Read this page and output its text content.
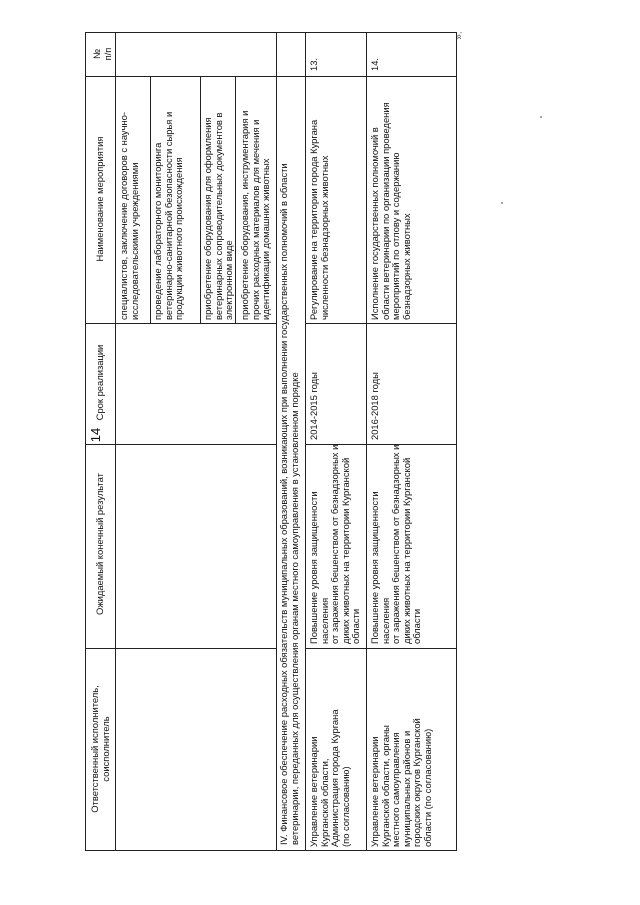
14
№
п/п
Наименование мероприятия
Срок реализации
Ожидаемый конечный результат
Ответственный исполнитель,
соисполнитель
специалистов, заключение договоров с научно-
исследовательскими учреждениями
проведение лабораторного мониторинга
ветеринарно-санитарной безопасности сырья и
продукции животного происхождения
приобретение оборудования для оформления
ветеринарных сопроводительных документов в
электронном виде
приобретение оборудования, инструментария и
прочих расходных материалов для мечения и
идентификации домашних животных
IV. Финансовое обеспечение расходных обязательств муниципальных образований, возникающих при выполнении государственных полномочий в области
ветеринарии, переданных для осуществления органам местного самоуправления в установленном порядке
13.
Регулирование на территории города Кургана
численности безнадзорных животных
2014-2015 годы
Повышение уровня защищенности населения
от заражения бешенством от безнадзорных и
диких животных на территории Курганской
области
Управление ветеринарии
Курганской области,
Администрация города Кургана
(по согласованию)
14.
Исполнение государственных полномочий в
области ветеринарии по организации проведения
мероприятий по отлову и содержанию
безнадзорных животных
2016-2018 годы
Повышение уровня защищенности населения
от заражения бешенством от безнадзорных и
диких животных на территории Курганской
области
Управление ветеринарии
Курганской области, органы
местного самоуправления
муниципальных районов и
городских округов Курганской
области (по согласованию)
».
